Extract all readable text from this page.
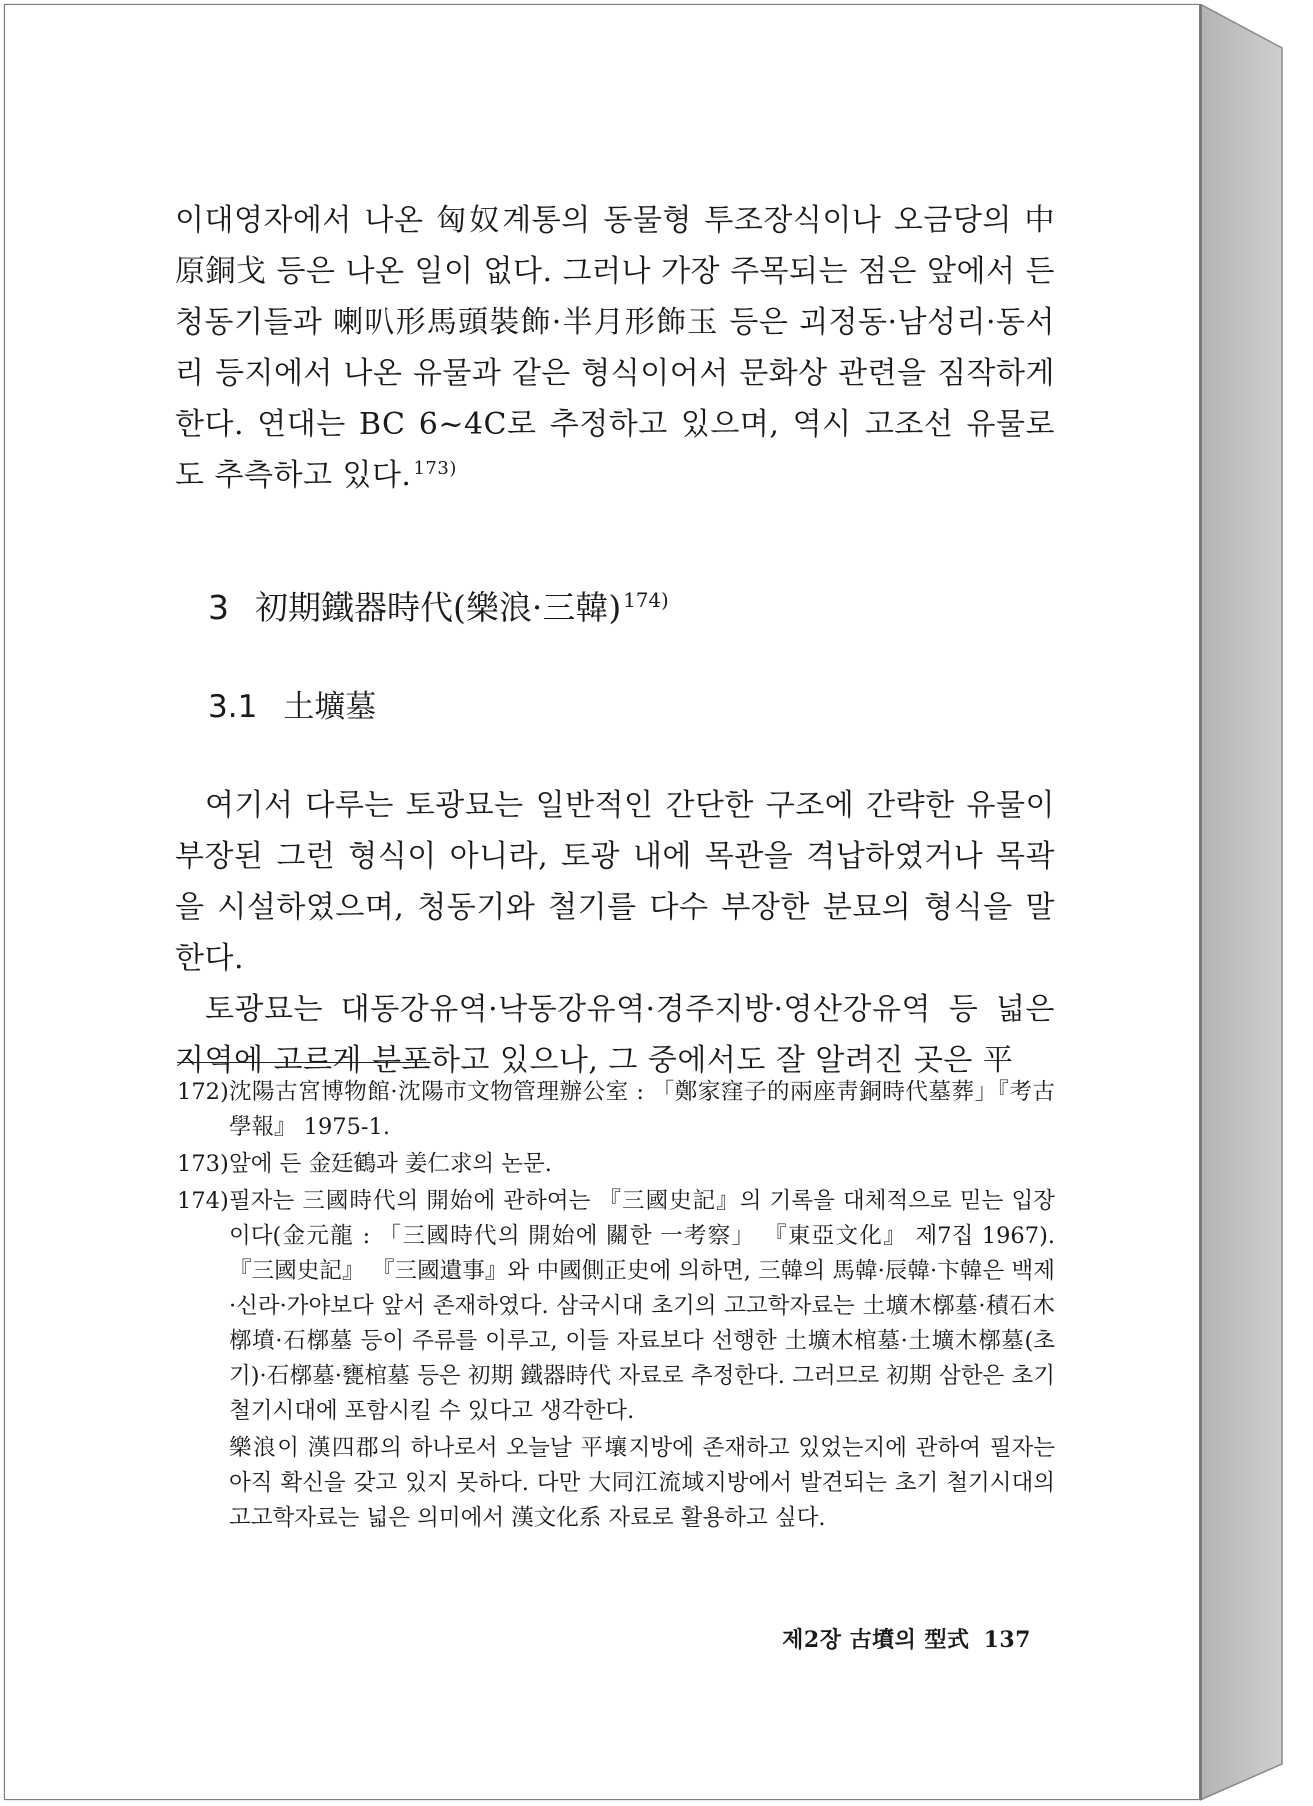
이대영자에서 나온 匈奴계통의 동물형 투조장식이나 오금당의 中原銅戈 등은 나온 일이 없다. 그러나 가장 주목되는 점은 앞에서 든 청동기들과 喇叭形馬頭裝飾·半月形飾玉 등은 괴정동·남성리·동서리 등지에서 나온 유물과 같은 형식이어서 문화상 관련을 짐작하게 한다. 연대는 BC 6~4C로 추정하고 있으며, 역시 고조선 유물로도 추측하고 있다. $^{173)}$

3 初期鐵器時代(樂浪·三韓) $^{174)}$
3.1 土壙墓
여기서 다루는 토광묘는 일반적인 간단한 구조에 간략한 유물이 부장된 그런 형식이 아니라, 토광 내에 목관을 격납하였거나 목곽을 시설하였으며, 청동기와 철기를 다수 부장한 분묘의 형식을 말한다.
토광묘는 대동강유역·낙동강유역·경주지방·영산강유역 등 넓은 지역에 고르게 분포하고 있으나, 그 중에서도 잘 알려진 곳은 平
172) 沈陽古宮博物館·沈陽市文物管理辦公室 : 「鄭家窪子的兩座靑銅時代墓葬」『考古學報』 1975-1.
173) 앞에 든 金廷鶴과 姜仁求의 논문.
174) 필자는 三國時代의 開始에 관하여는 『三國史記』의 기록을 대체적으로 믿는 입장이다(金元龍 : 「三國時代의 開始에 關한 一考察」 『東亞文化』 제7집 1967). 『三國史記』 『三國遺事』와 中國側正史에 의하면, 三韓의 馬韓·辰韓·卞韓은 백제·신라·가야보다 앞서 존재하였다. 삼국시대 초기의 고고학자료는 土壙木槨墓·積石木槨墳·石槨墓 등이 주류를 이루고, 이들 자료보다 선행한 土壙木棺墓·土壙木槨墓(초기)·石槨墓·甕棺墓 등은 初期 鐵器時代 자료로 추정한다. 그러므로 初期 삼한은 초기 철기시대에 포함시킬 수 있다고 생각한다.
樂浪이 漢四郡의 하나로서 오늘날 平壤지방에 존재하고 있었는지에 관하여 필자는 아직 확신을 갖고 있지 못하다. 다만 大同江流域지방에서 발견되는 초기 철기시대의 고고학자료는 넓은 의미에서 漢文化系 자료로 활용하고 싶다.
제2장 古墳의 型式 137
